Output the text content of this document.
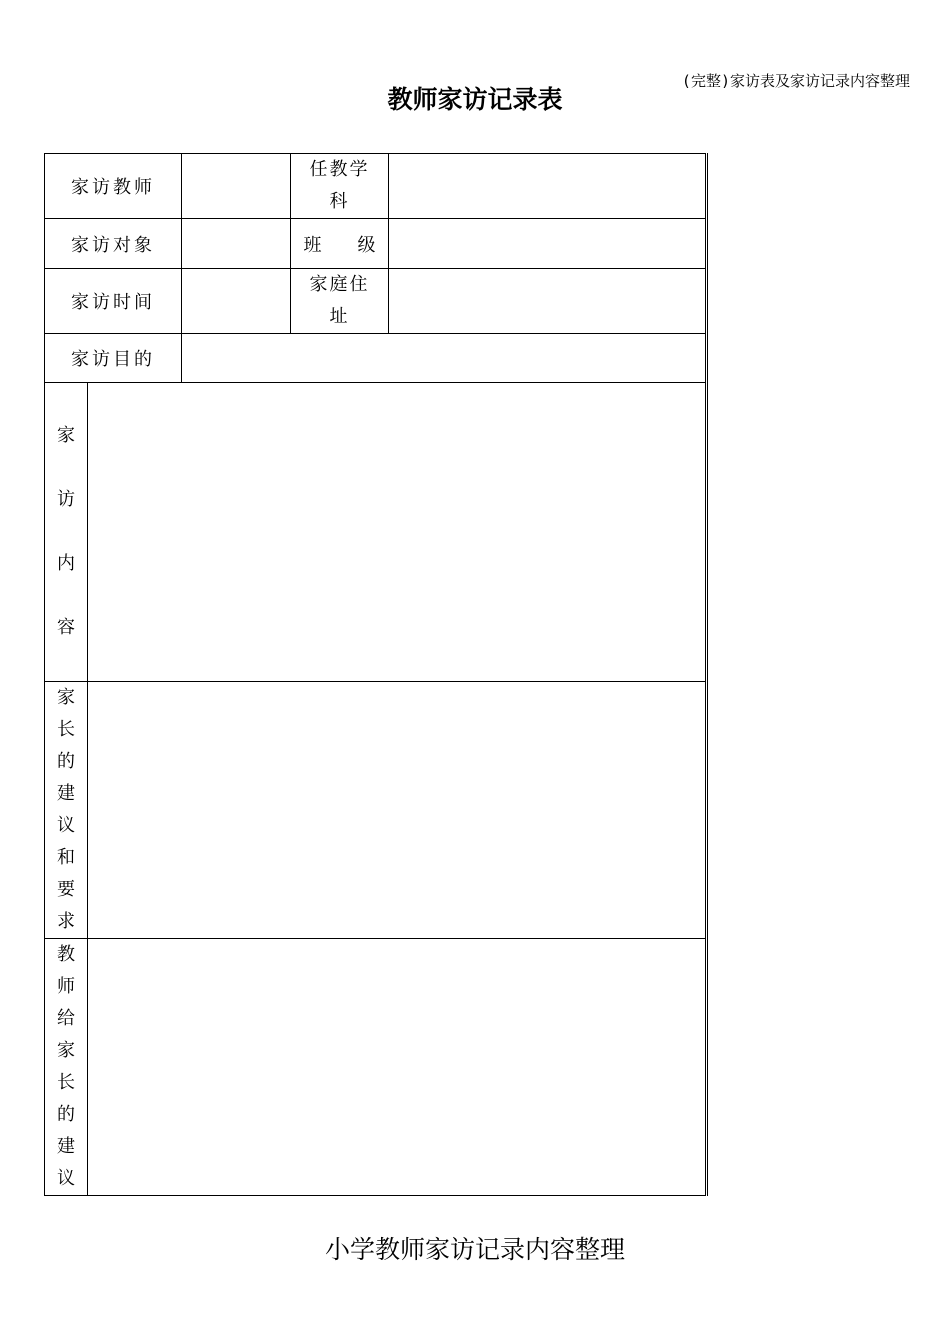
(完整)家访表及家访记录内容整理
教师家访记录表
家访教师			任教学科	

家访对象			班　　级	
家访时间			家庭住址	

家访目的				

家访内容				

家长的建议和要求				

教师给家长的建议				

小学教师家访记录内容整理
